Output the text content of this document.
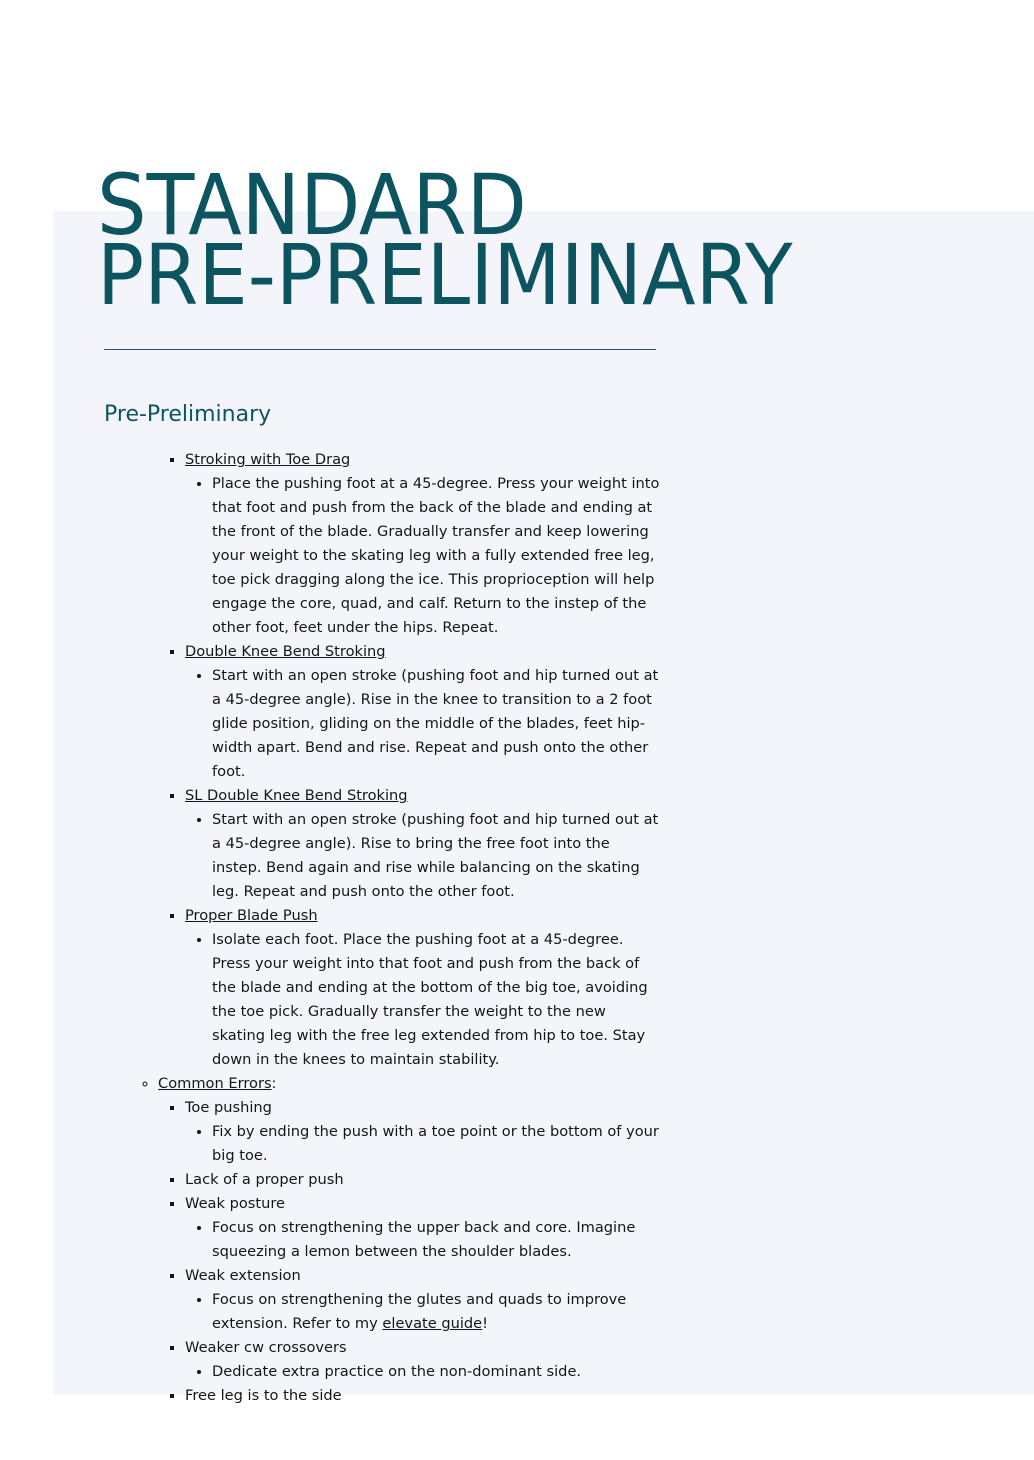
STANDARD
PRE-PRELIMINARY
Pre-Preliminary
▪ Stroking with Toe Drag
• Place the pushing foot at a 45-degree. Press your weight into that foot and push from the back of the blade and ending at the front of the blade. Gradually transfer and keep lowering your weight to the skating leg with a fully extended free leg, toe pick dragging along the ice. This proprioception will help engage the core, quad, and calf. Return to the instep of the other foot, feet under the hips. Repeat.
▪ Double Knee Bend Stroking
• Start with an open stroke (pushing foot and hip turned out at a 45-degree angle). Rise in the knee to transition to a 2 foot glide position, gliding on the middle of the blades, feet hip-width apart. Bend and rise. Repeat and push onto the other foot.
▪ SL Double Knee Bend Stroking
• Start with an open stroke (pushing foot and hip turned out at a 45-degree angle). Rise to bring the free foot into the instep. Bend again and rise while balancing on the skating leg. Repeat and push onto the other foot.
▪ Proper Blade Push
• Isolate each foot. Place the pushing foot at a 45-degree. Press your weight into that foot and push from the back of the blade and ending at the bottom of the big toe, avoiding the toe pick. Gradually transfer the weight to the new skating leg with the free leg extended from hip to toe. Stay down in the knees to maintain stability.
◦ Common Errors:
▪ Toe pushing
• Fix by ending the push with a toe point or the bottom of your big toe.
▪ Lack of a proper push
▪ Weak posture
• Focus on strengthening the upper back and core. Imagine squeezing a lemon between the shoulder blades.
▪ Weak extension
• Focus on strengthening the glutes and quads to improve extension. Refer to my elevate guide!
▪ Weaker cw crossovers
• Dedicate extra practice on the non-dominant side.
▪ Free leg is to the side
